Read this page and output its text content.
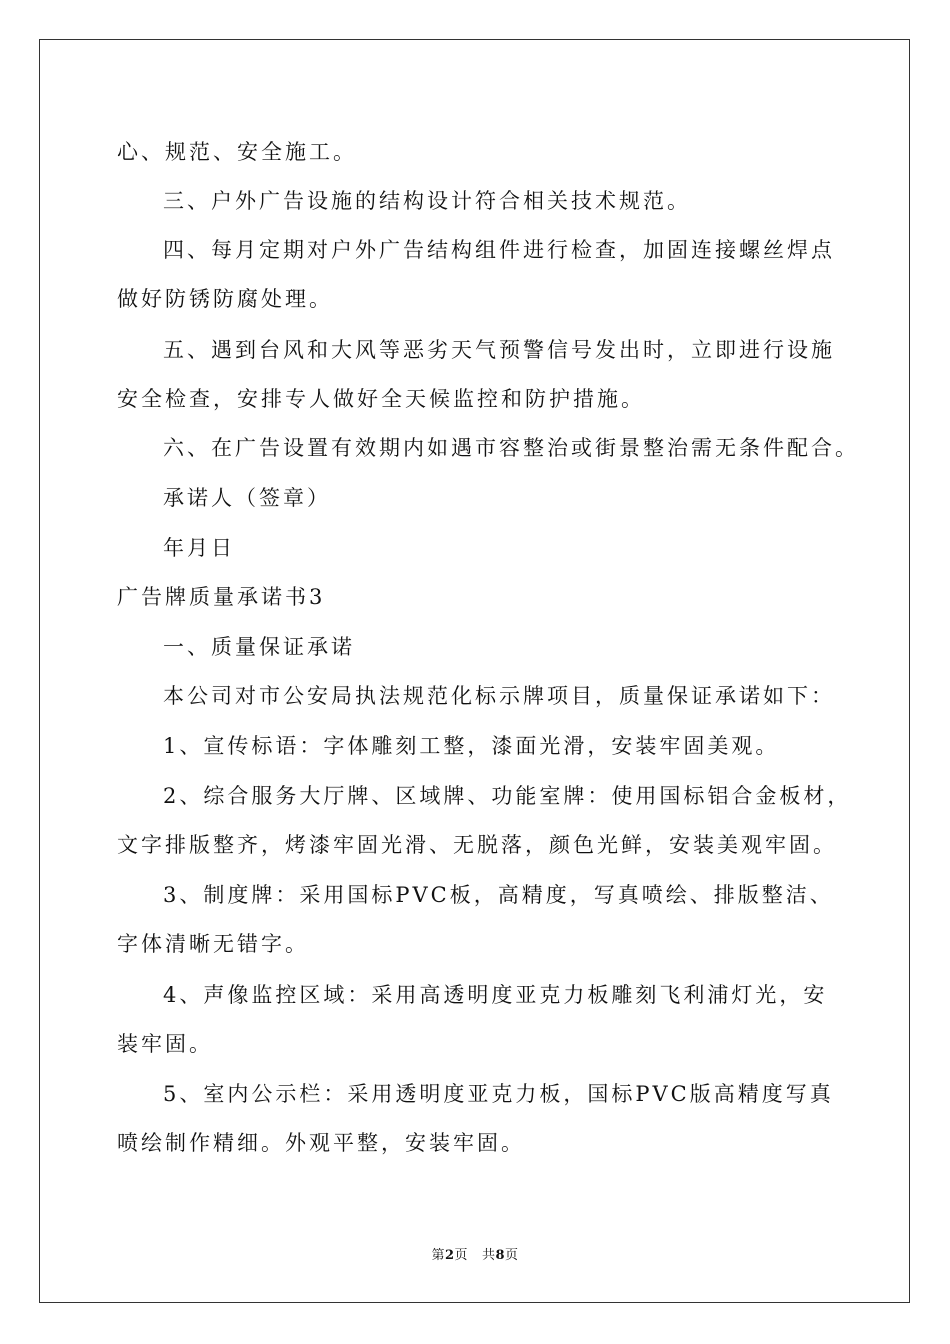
心、规范、安全施工。
三、户外广告设施的结构设计符合相关技术规范。
四、每月定期对户外广告结构组件进行检查，加固连接螺丝焊点
做好防锈防腐处理。
五、遇到台风和大风等恶劣天气预警信号发出时，立即进行设施
安全检查，安排专人做好全天候监控和防护措施。
六、在广告设置有效期内如遇市容整治或街景整治需无条件配合。
承诺人（签章）
年月日
广告牌质量承诺书3
一、质量保证承诺
本公司对市公安局执法规范化标示牌项目，质量保证承诺如下：
1、宣传标语：字体雕刻工整，漆面光滑，安装牢固美观。
2、综合服务大厅牌、区域牌、功能室牌：使用国标铝合金板材，
文字排版整齐，烤漆牢固光滑、无脱落，颜色光鲜，安装美观牢固。
3、制度牌：采用国标PVC板，高精度，写真喷绘、排版整洁、
字体清晰无错字。
4、声像监控区域：采用高透明度亚克力板雕刻飞利浦灯光，安
装牢固。
5、室内公示栏：采用透明度亚克力板，国标PVC版高精度写真
喷绘制作精细。外观平整，安装牢固。
第2页 共8页
